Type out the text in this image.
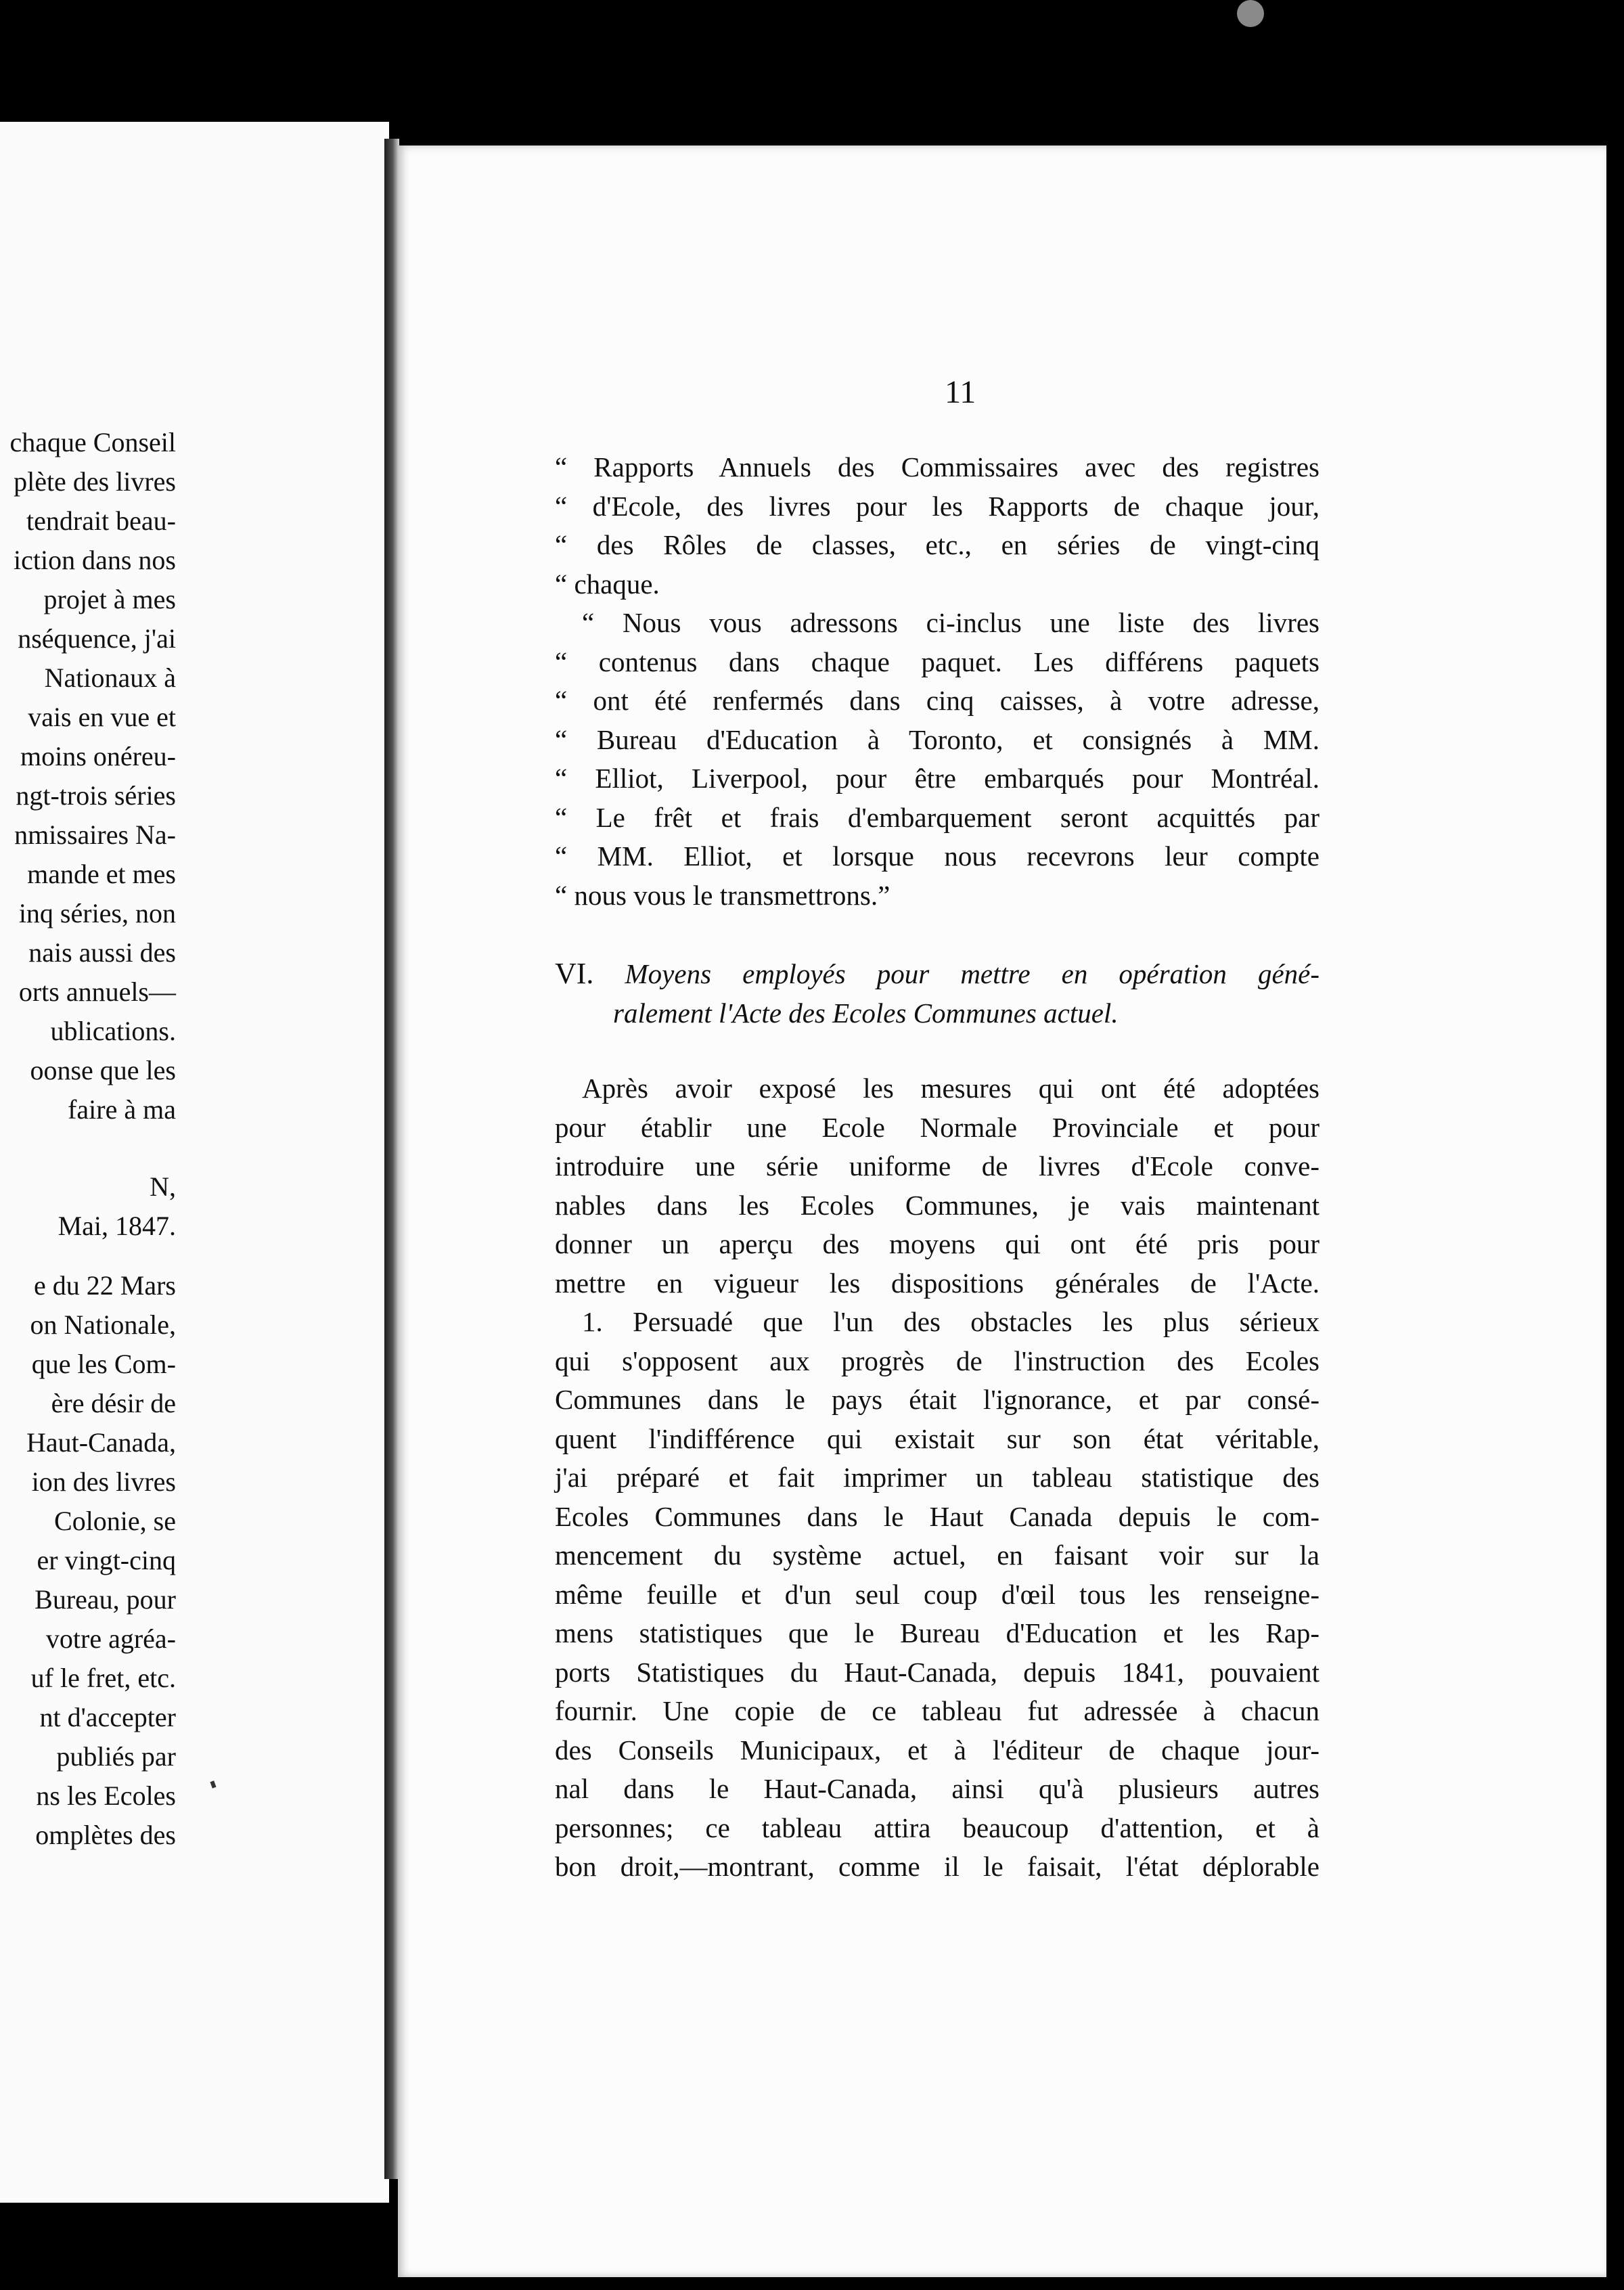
chaque Conseil
plète des livres
tendrait beau-
iction dans nos
projet à mes
nséquence, j'ai
Nationaux à
vais en vue et
moins onéreu-
ngt-trois séries
nmissaires Na-
mande et mes
inq séries, non
nais aussi des
orts annuels—
ublications.
oonse que les
faire à ma
N,
Mai, 1847.
e du 22 Mars
on Nationale,
que les Com-
ère désir de
Haut-Canada,
ion des livres
Colonie, se
er vingt-cinq
Bureau, pour
votre agréa-
uf le fret, etc.
nt d'accepter
publiés par
ns les Ecoles
omplètes des
11
“ Rapports Annuels des Commissaires avec des registres
“ d'Ecole, des livres pour les Rapports de chaque jour,
“ des Rôles de classes, etc., en séries de vingt-cinq
“ chaque.
“ Nous vous adressons ci-inclus une liste des livres
“ contenus dans chaque paquet. Les différens paquets
“ ont été renfermés dans cinq caisses, à votre adresse,
“ Bureau d'Education à Toronto, et consignés à MM.
“ Elliot, Liverpool, pour être embarqués pour Montréal.
“ Le frêt et frais d'embarquement seront acquittés par
“ MM. Elliot, et lorsque nous recevrons leur compte
“ nous vous le transmettrons.”
VI. Moyens employés pour mettre en opération géné-
ralement l'Acte des Ecoles Communes actuel.
Après avoir exposé les mesures qui ont été adoptées
pour établir une Ecole Normale Provinciale et pour
introduire une série uniforme de livres d'Ecole conve-
nables dans les Ecoles Communes, je vais maintenant
donner un aperçu des moyens qui ont été pris pour
mettre en vigueur les dispositions générales de l'Acte.
1. Persuadé que l'un des obstacles les plus sérieux
qui s'opposent aux progrès de l'instruction des Ecoles
Communes dans le pays était l'ignorance, et par consé-
quent l'indifférence qui existait sur son état véritable,
j'ai préparé et fait imprimer un tableau statistique des
Ecoles Communes dans le Haut Canada depuis le com-
mencement du système actuel, en faisant voir sur la
même feuille et d'un seul coup d'œil tous les renseigne-
mens statistiques que le Bureau d'Education et les Rap-
ports Statistiques du Haut-Canada, depuis 1841, pouvaient
fournir. Une copie de ce tableau fut adressée à chacun
des Conseils Municipaux, et à l'éditeur de chaque jour-
nal dans le Haut-Canada, ainsi qu'à plusieurs autres
personnes; ce tableau attira beaucoup d'attention, et à
bon droit,—montrant, comme il le faisait, l'état déplorable
